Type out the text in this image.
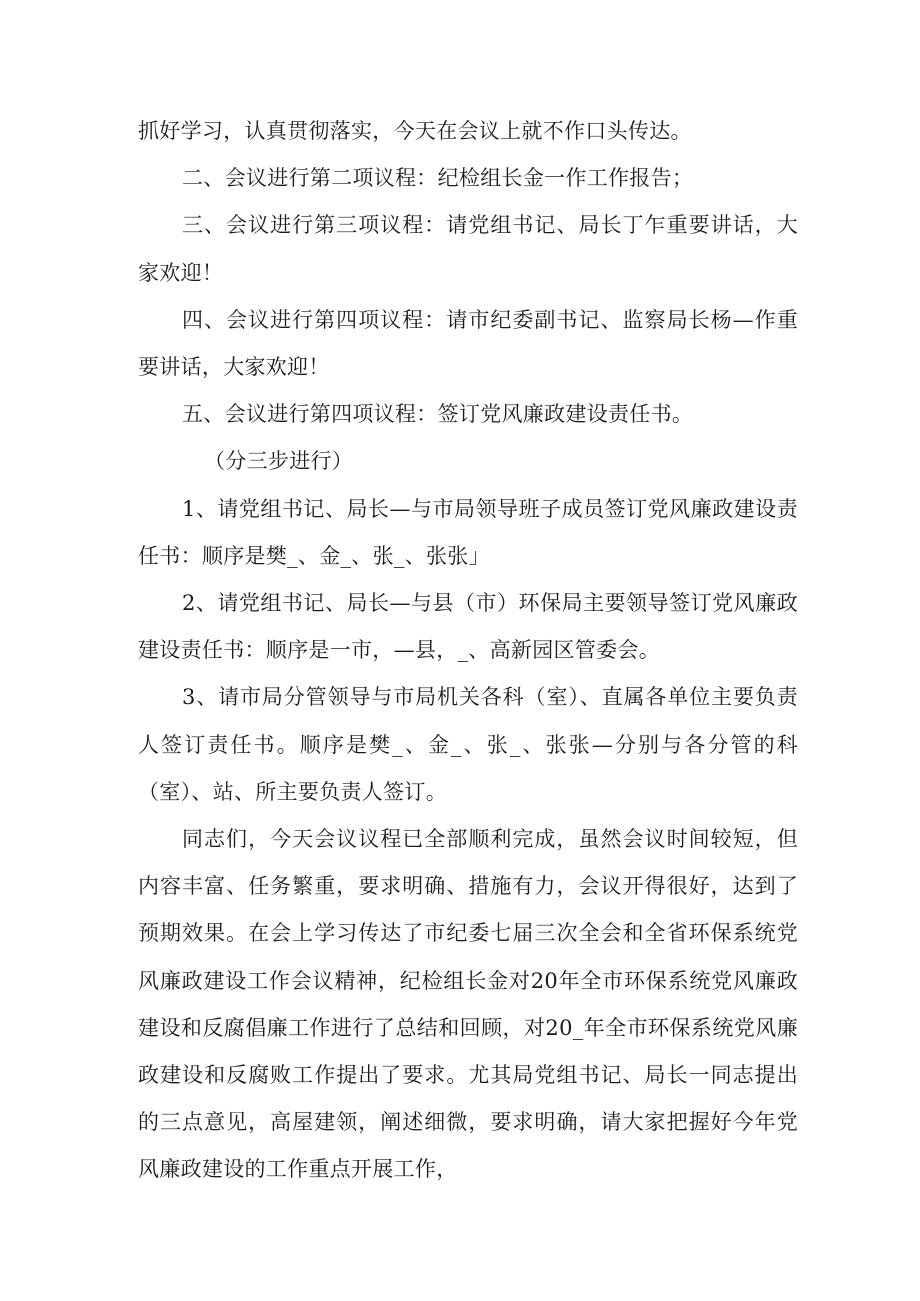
抓好学习，认真贯彻落实，今天在会议上就不作口头传达。

二、会议进行第二项议程：纪检组长金一作工作报告；

三、会议进行第三项议程：请党组书记、局长丁乍重要讲话，大家欢迎！

四、会议进行第四项议程：请市纪委副书记、监察局长杨—作重要讲话，大家欢迎！

五、会议进行第四项议程：签订党风廉政建设责任书。

（分三步进行）

1、请党组书记、局长—与市局领导班子成员签订党风廉政建设责任书：顺序是樊_、金_、张_、张张」

2、请党组书记、局长—与县（市）环保局主要领导签订党风廉政建设责任书：顺序是一市，—县，_、高新园区管委会。

3、请市局分管领导与市局机关各科（室）、直属各单位主要负责人签订责任书。顺序是樊_、金_、张_、张张—分别与各分管的科（室）、站、所主要负责人签订。

同志们，今天会议议程已全部顺利完成，虽然会议时间较短，但内容丰富、任务繁重，要求明确、措施有力，会议开得很好，达到了预期效果。在会上学习传达了市纪委七届三次全会和全省环保系统党风廉政建设工作会议精神，纪检组长金对20年全市环保系统党风廉政建设和反腐倡廉工作进行了总结和回顾，对20_年全市环保系统党风廉政建设和反腐败工作提出了要求。尤其局党组书记、局长一同志提出的三点意见，高屋建领，阐述细微，要求明确，请大家把握好今年党风廉政建设的工作重点开展工作，
